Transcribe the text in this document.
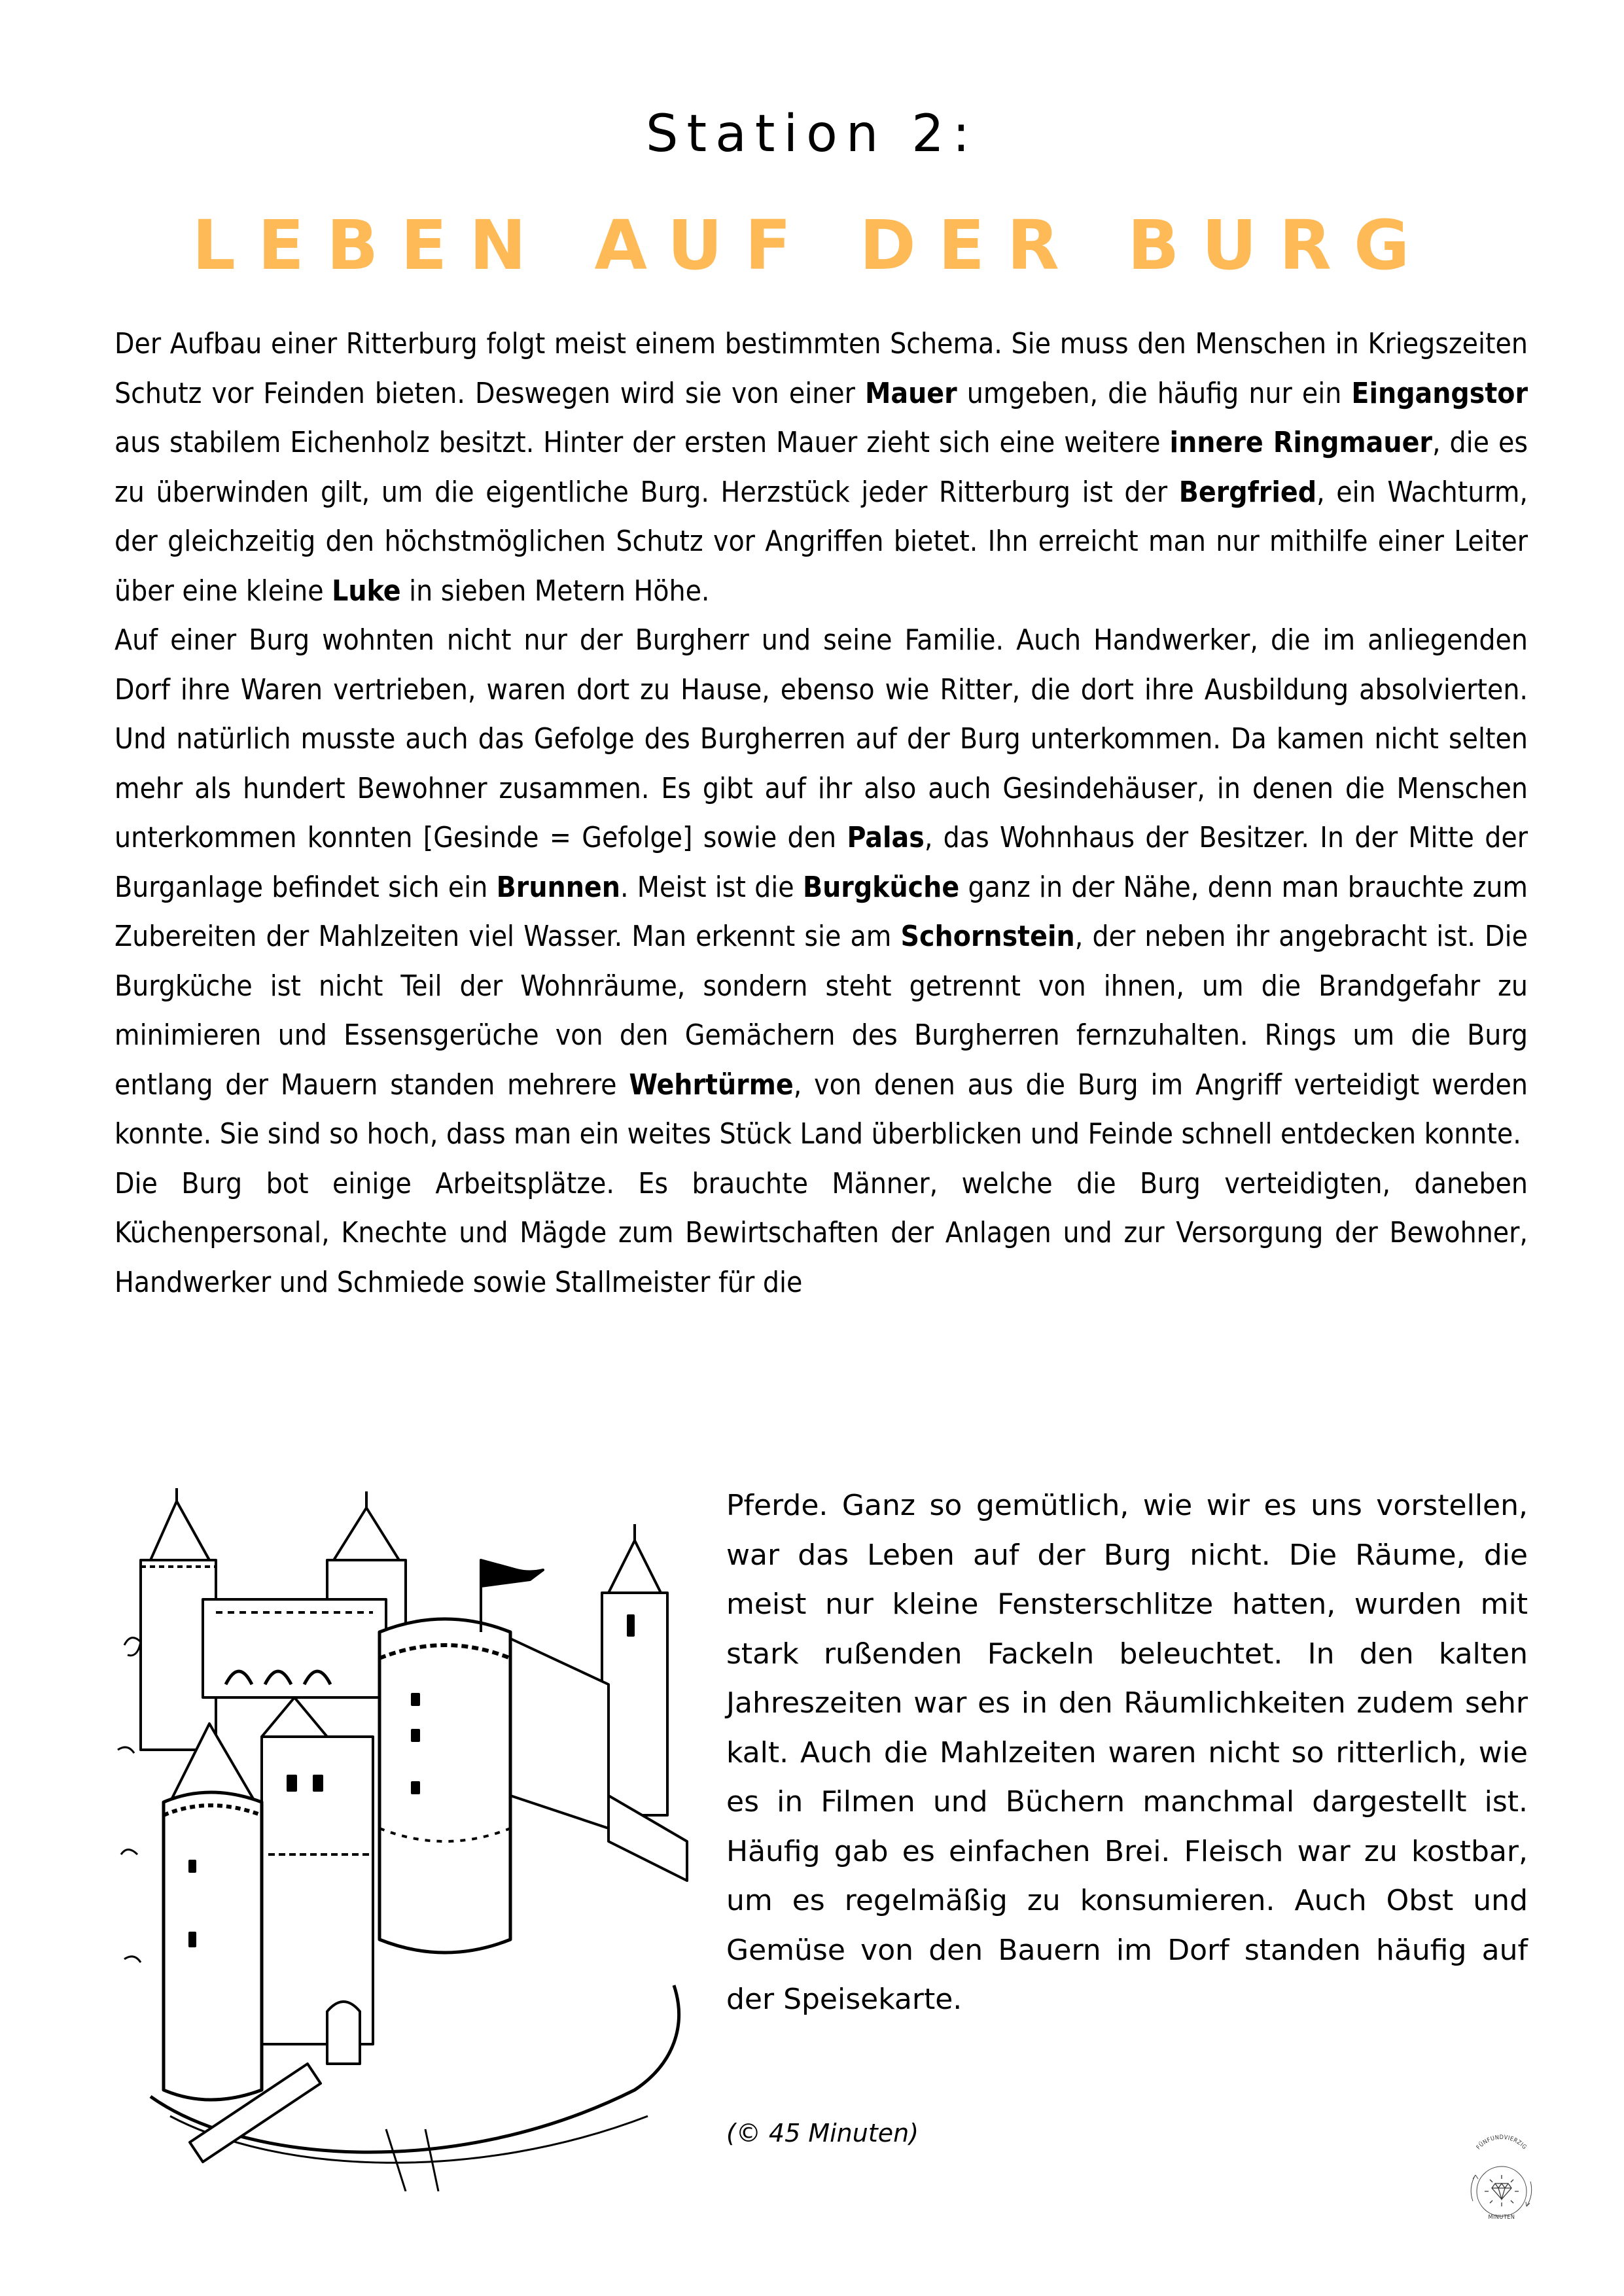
Station 2:
LEBEN AUF DER BURG

Der Aufbau einer Ritterburg folgt meist einem bestimmten Schema. Sie muss den Menschen in Kriegszeiten Schutz vor Feinden bieten. Deswegen wird sie von einer Mauer umgeben, die häufig nur ein Eingangstor aus stabilem Eichenholz besitzt. Hinter der ersten Mauer zieht sich eine weitere innere Ringmauer, die es zu überwinden gilt, um die eigentliche Burg. Herzstück jeder Ritterburg ist der Bergfried, ein Wachturm, der gleichzeitig den höchstmöglichen Schutz vor Angriffen bietet. Ihn erreicht man nur mithilfe einer Leiter über eine kleine Luke in sieben Metern Höhe.

Auf einer Burg wohnten nicht nur der Burgherr und seine Familie. Auch Handwerker, die im anliegenden Dorf ihre Waren vertrieben, waren dort zu Hause, ebenso wie Ritter, die dort ihre Ausbildung absolvierten. Und natürlich musste auch das Gefolge des Burgherren auf der Burg unterkommen. Da kamen nicht selten mehr als hundert Bewohner zusammen. Es gibt auf ihr also auch Gesindehäuser, in denen die Menschen unterkommen konnten [Gesinde = Gefolge] sowie den Palas, das Wohnhaus der Besitzer. In der Mitte der Burganlage befindet sich ein Brunnen. Meist ist die Burgküche ganz in der Nähe, denn man brauchte zum Zubereiten der Mahlzeiten viel Wasser. Man erkennt sie am Schornstein, der neben ihr angebracht ist. Die Burgküche ist nicht Teil der Wohnräume, sondern steht getrennt von ihnen, um die Brandgefahr zu minimieren und Essensgerüche von den Gemächern des Burgherren fernzuhalten. Rings um die Burg entlang der Mauern standen mehrere Wehrtürme, von denen aus die Burg im Angriff verteidigt werden konnte. Sie sind so hoch, dass man ein weites Stück Land überblicken und Feinde schnell entdecken konnte.

Die Burg bot einige Arbeitsplätze. Es brauchte Männer, welche die Burg verteidigten, daneben Küchenpersonal, Knechte und Mägde zum Bewirtschaften der Anlagen und zur Versorgung der Bewohner, Handwerker und Schmiede sowie Stallmeister für die

Pferde. Ganz so gemütlich, wie wir es uns vorstellen, war das Leben auf der Burg nicht. Die Räume, die meist nur kleine Fensterschlitze hatten, wurden mit stark rußenden Fackeln beleuchtet. In den kalten Jahreszeiten war es in den Räumlichkeiten zudem sehr kalt. Auch die Mahlzeiten waren nicht so ritterlich, wie es in Filmen und Büchern manchmal dargestellt ist. Häufig gab es einfachen Brei. Fleisch war zu kostbar, um es regelmäßig zu konsumieren. Auch Obst und Gemüse von den Bauern im Dorf standen häufig auf der Speisekarte.

(© 45 Minuten)
FÜNFUNDVIERZIG
MINUTEN
